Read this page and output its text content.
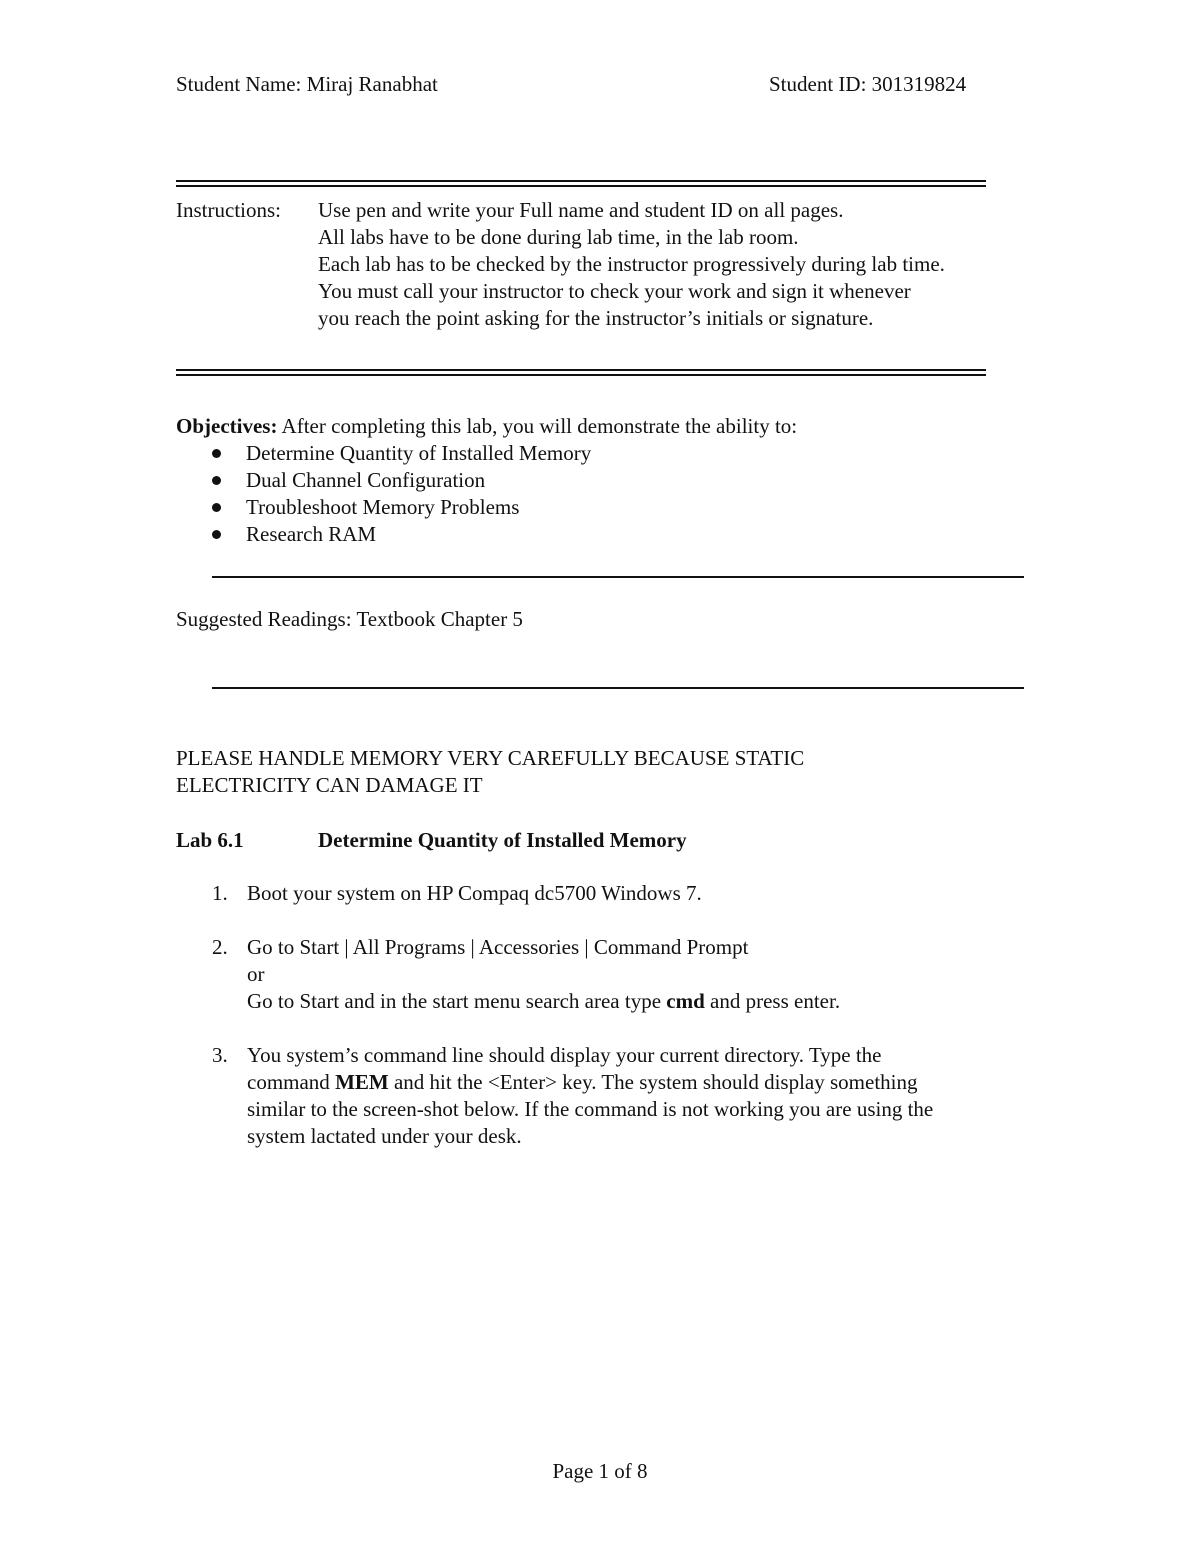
Student Name: Miraj Ranabhat	Student ID: 301319824
Instructions: Use pen and write your Full name and student ID on all pages.
All labs have to be done during lab time, in the lab room.
Each lab has to be checked by the instructor progressively during lab time.
You must call your instructor to check your work and sign it whenever
you reach the point asking for the instructor’s initials or signature.
Objectives: After completing this lab, you will demonstrate the ability to:
Determine Quantity of Installed Memory
Dual Channel Configuration
Troubleshoot Memory Problems
Research RAM
Suggested Readings: Textbook Chapter 5
PLEASE HANDLE MEMORY VERY CAREFULLY BECAUSE STATIC
ELECTRICITY CAN DAMAGE IT
Lab 6.1	Determine Quantity of Installed Memory
1. Boot your system on HP Compaq dc5700 Windows 7.
2. Go to Start | All Programs | Accessories | Command Prompt
or
Go to Start and in the start menu search area type cmd and press enter.
3. You system’s command line should display your current directory. Type the
command MEM and hit the <Enter> key. The system should display something
similar to the screen-shot below. If the command is not working you are using the
system lactated under your desk.
Page 1 of 8
